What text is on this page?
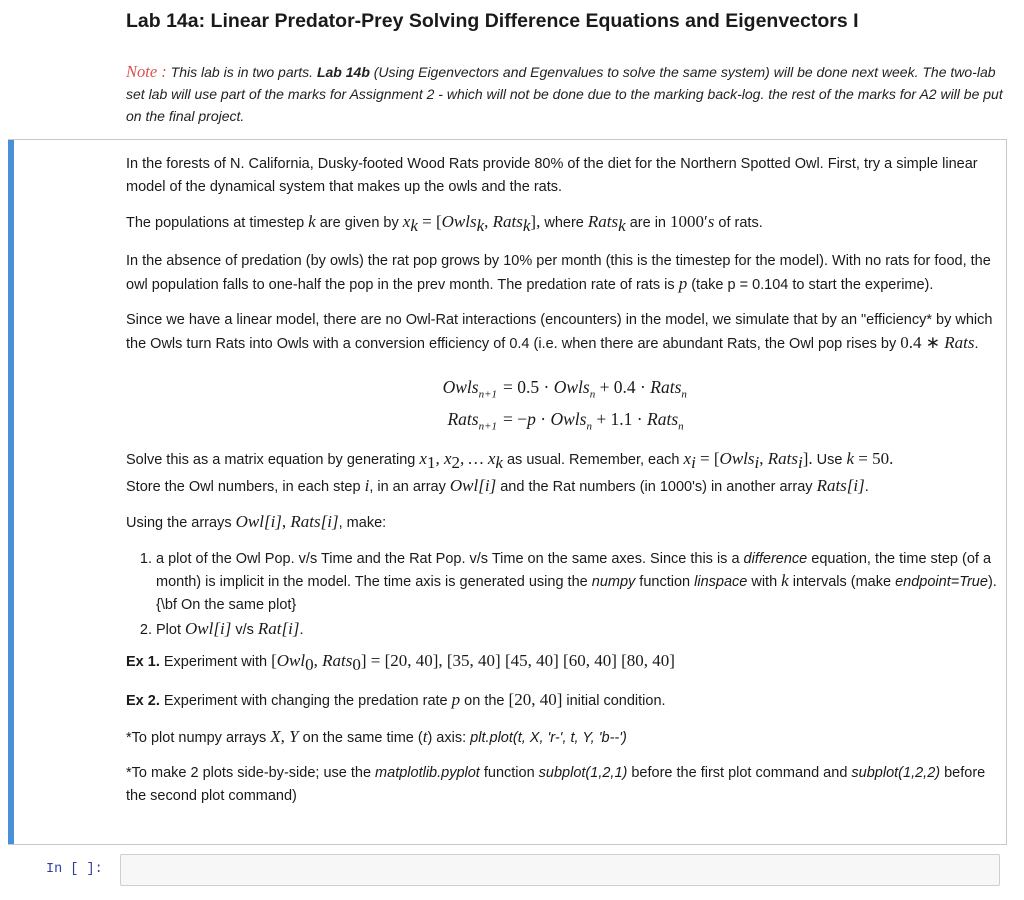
Lab 14a: Linear Predator-Prey Solving Difference Equations and Eigenvectors I
Note : This lab is in two parts. Lab 14b (Using Eigenvectors and Egenvalues to solve the same system) will be done next week. The two-lab set lab will use part of the marks for Assignment 2 - which will not be done due to the marking back-log. the rest of the marks for A2 will be put on the final project.

In the forests of N. California, Dusky-footed Wood Rats provide 80% of the diet for the Northern Spotted Owl. First, try a simple linear model of the dynamical system that makes up the owls and the rats.

The populations at timestep k are given by $x_k$ = [Owls$_k$, Rats$_k$], where Rats$_k$ are in 1000′s of rats.

In the absence of predation (by owls) the rat pop grows by 10% per month (this is the timestep for the model). With no rats for food, the owl population falls to one-half the pop in the prev month. The predation rate of rats is p (take p = 0.104 to start the experime).

Since we have a linear model, there are no Owl-Rat interactions (encounters) in the model, we simulate that by an "efficiency* by which the Owls turn Rats into Owls with a conversion efficiency of 0.4 (i.e. when there are abundant Rats, the Owl pop rises by 0.4 ∗ Rats.

Owls$_{n+1}$ = 0.5 · Owls$_n$ + 0.4 · Rats$_n$
Rats$_{n+1}$ = −p · Owls$_n$ + 1.1 · Rats$_n$

Solve this as a matrix equation by generating $x_1$, $x_2$, … $x_k$ as usual. Remember, each $x_i$ = [Owls$_i$, Rats$_i$]. Use k = 50.
Store the Owl numbers, in each step i, in an array Owl[i] and the Rat numbers (in 1000's) in another array Rats[i].

Using the arrays Owl[i], Rats[i], make:

1. a plot of the Owl Pop. v/s Time and the Rat Pop. v/s Time on the same axes. Since this is a difference equation, the time step (of a month) is implicit in the model. The time axis is generated using the numpy function linspace with k intervals (make endpoint=True). {\bf On the same plot}
2. Plot Owl[i] v/s Rat[i].

Ex 1. Experiment with [Owl$_0$, Rats$_0$] = [20, 40], [35, 40] [45, 40] [60, 40] [80, 40]

Ex 2. Experiment with changing the predation rate p on the [20, 40] initial condition.

*To plot numpy arrays X, Y on the same time (t) axis: plt.plot(t, X, 'r-', t, Y, 'b--')

*To make 2 plots side-by-side; use the matplotlib.pyplot function subplot(1,2,1) before the first plot command and subplot(1,2,2) before the second plot command)

In [ ]:
